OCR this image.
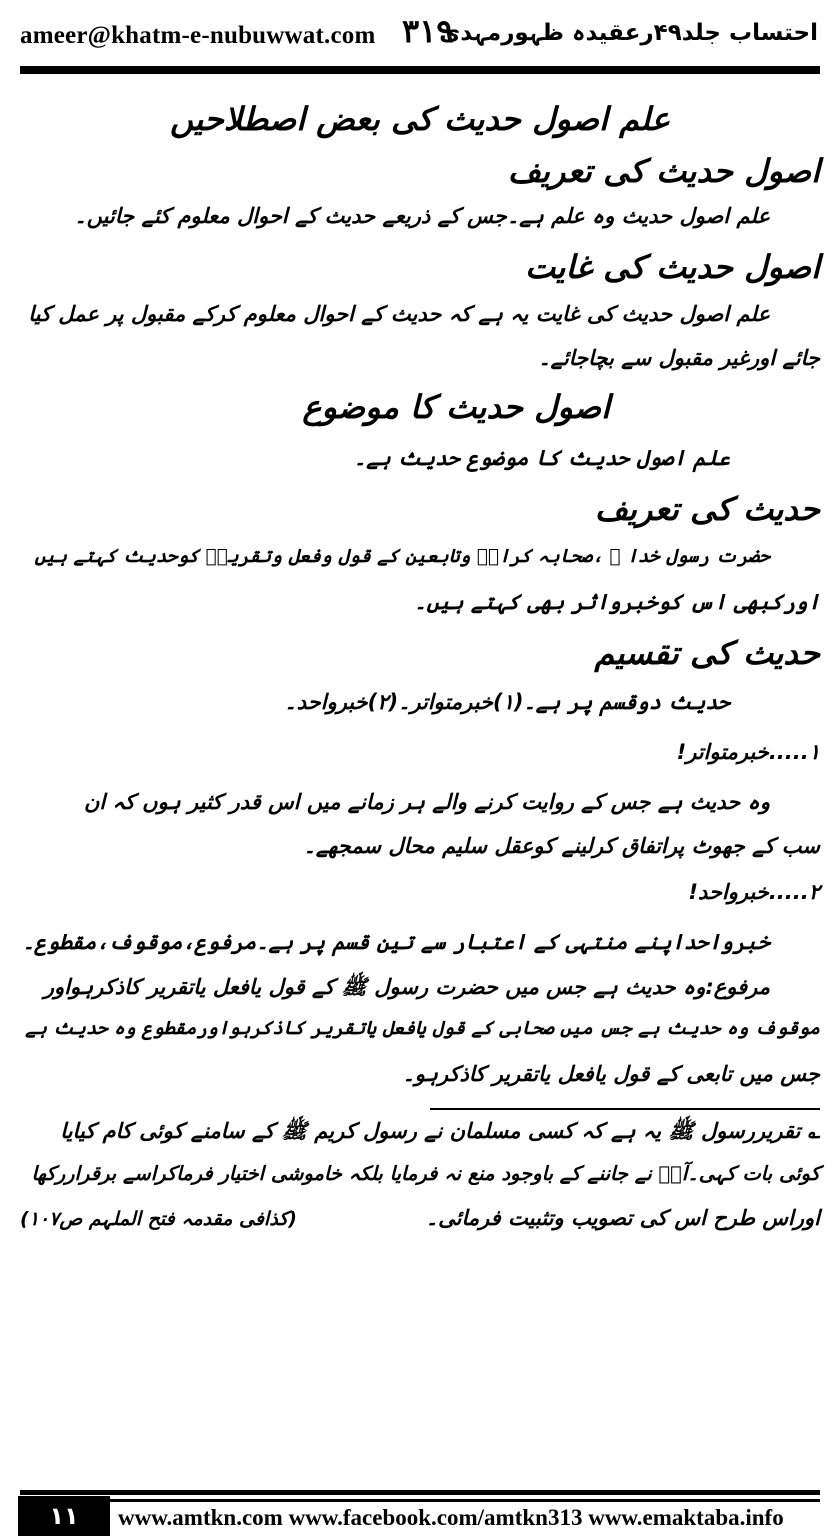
ameer@khatm-e-nubuwwat.com ۳۱۹
احتساب جلد۴۹رعقیدہ ظہورمہدی
علم اصول حدیث کی بعض اصطلاحیں
اصول حدیث کی تعریف
علم اصول حدیث وہ علم ہے۔جس کے ذریعے حدیث کے احوال معلوم کئے جائیں۔
اصول حدیث کی غایت
علم اصول حدیث کی غایت یہ ہے کہ حدیث کے احوال معلوم کرکے مقبول پر عمل کیا
جائے اورغیر مقبول سے بچاجائے۔
اصول حدیث کا موضوع
علم اصول حدیث کا موضوع حدیث ہے۔
حدیث کی تعریف
حضرت رسول خدا ﷺ ،صحابہ کرامؓ وتابعین کے قول وفعل وتقریرؔ کوحدیث کہتے ہیں
اورکبھی اس کوخبرواثر بھی کہتے ہیں۔
حدیث کی تقسیم
حدیث دوقسم پر ہے۔(۱)خبرمتواتر۔(۲)خبرواحد۔
۱.....خبرمتواتر!
وہ حدیث ہے جس کے روایت کرنے والے ہر زمانے میں اس قدر کثیر ہوں کہ ان
سب کے جھوٹ پراتفاق کرلینے کوعقل سلیم محال سمجھے۔
۲.....خبرواحد!
خبرواحداپنے منتہی کے اعتبار سے تین قسم پر ہے۔مرفوع،موقوف،مقطوع۔
مرفوع:وہ حدیث ہے جس میں حضرت رسول ﷺ کے قول یافعل یاتقریر کاذکرہواور
موقوف وہ حدیث ہے جس میں صحابی کے قول یافعل یاتقریر کاذکرہواورمقطوع وہ حدیث ہے
جس میں تابعی کے قول یافعل یاتقریر کاذکرہو۔
؎ تقریررسول ﷺ یہ ہے کہ کسی مسلمان نے رسول کریم ﷺ کے سامنے کوئی کام کیایا
کوئی بات کہی۔آپؐ نے جاننے کے باوجود منع نہ فرمایا بلکہ خاموشی اختیار فرماکراسے برقراررکھا
اوراس طرح اس کی تصویب وتثبیت فرمائی۔
(کذافی مقدمہ فتح الملہم ص۱۰۷)
۱۱	www.amtkn.com www.facebook.com/amtkn313 www.emaktaba.info
